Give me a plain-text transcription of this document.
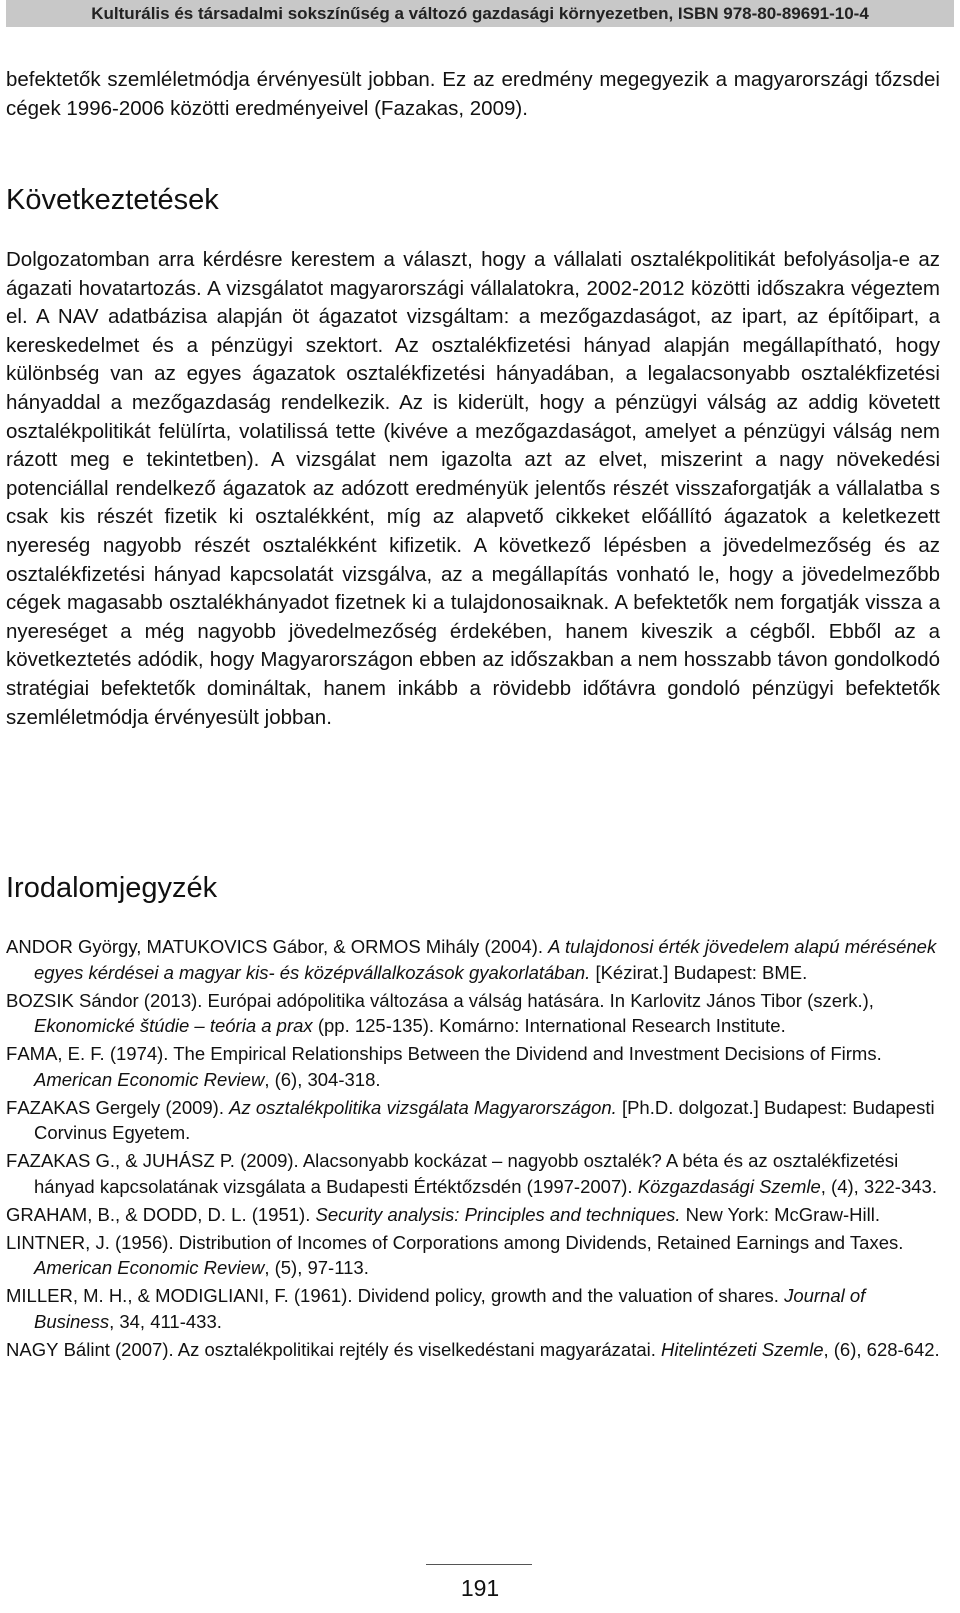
Kulturális és társadalmi sokszínűség a változó gazdasági környezetben, ISBN 978-80-89691-10-4

befektetők szemléletmódja érvényesült jobban. Ez az eredmény megegyezik a magyarországi tőzsdei cégek 1996-2006 közötti eredményeivel (Fazakas, 2009).

Következtetések

Dolgozatomban arra kérdésre kerestem a választ, hogy a vállalati osztalékpolitikát befolyásolja-e az ágazati hovatartozás. A vizsgálatot magyarországi vállalatokra, 2002-2012 közötti időszakra végeztem el. A NAV adatbázisa alapján öt ágazatot vizsgáltam: a mezőgazdaságot, az ipart, az építőipart, a kereskedelmet és a pénzügyi szektort. Az osztalékfizetési hányad alapján megállapítható, hogy különbség van az egyes ágazatok osztalékfizetési hányadában, a legalacsonyabb osztalékfizetési hányaddal a mezőgazdaság rendelkezik. Az is kiderült, hogy a pénzügyi válság az addig követett osztalékpolitikát felülírta, volatilissá tette (kivéve a mezőgazdaságot, amelyet a pénzügyi válság nem rázott meg e tekintetben). A vizsgálat nem igazolta azt az elvet, miszerint a nagy növekedési potenciállal rendelkező ágazatok az adózott eredményük jelentős részét visszaforgatják a vállalatba s csak kis részét fizetik ki osztalékként, míg az alapvető cikkeket előállító ágazatok a keletkezett nyereség nagyobb részét osztalékként kifizetik. A következő lépésben a jövedelmezőség és az osztalékfizetési hányad kapcsolatát vizsgálva, az a megállapítás vonható le, hogy a jövedelmezőbb cégek magasabb osztalékhányadot fizetnek ki a tulajdonosaiknak. A befektetők nem forgatják vissza a nyereséget a még nagyobb jövedelmezőség érdekében, hanem kiveszik a cégből. Ebből az a következtetés adódik, hogy Magyarországon ebben az időszakban a nem hosszabb távon gondolkodó stratégiai befektetők domináltak, hanem inkább a rövidebb időtávra gondoló pénzügyi befektetők szemléletmódja érvényesült jobban.

Irodalomjegyzék

ANDOR György, MATUKOVICS Gábor, & ORMOS Mihály (2004). A tulajdonosi érték jövedelem alapú mérésének egyes kérdései a magyar kis- és középvállalkozások gyakorlatában. [Kézirat.] Budapest: BME.

BOZSIK Sándor (2013). Európai adópolitika változása a válság hatására. In Karlovitz János Tibor (szerk.), Ekonomické štúdie – teória a prax (pp. 125-135). Komárno: International Research Institute.

FAMA, E. F. (1974). The Empirical Relationships Between the Dividend and Investment Decisions of Firms. American Economic Review, (6), 304-318.

FAZAKAS Gergely (2009). Az osztalékpolitika vizsgálata Magyarországon. [Ph.D. dolgozat.] Budapest: Budapesti Corvinus Egyetem.

FAZAKAS G., & JUHÁSZ P. (2009). Alacsonyabb kockázat – nagyobb osztalék? A béta és az osztalékfizetési hányad kapcsolatának vizsgálata a Budapesti Értéktőzsdén (1997-2007). Közgazdasági Szemle, (4), 322-343.

GRAHAM, B., & DODD, D. L. (1951). Security analysis: Principles and techniques. New York: McGraw-Hill.

LINTNER, J. (1956). Distribution of Incomes of Corporations among Dividends, Retained Earnings and Taxes. American Economic Review, (5), 97-113.

MILLER, M. H., & MODIGLIANI, F. (1961). Dividend policy, growth and the valuation of shares. Journal of Business, 34, 411-433.

NAGY Bálint (2007). Az osztalékpolitikai rejtély és viselkedéstani magyarázatai. Hitelintézeti Szemle, (6), 628-642.

191
